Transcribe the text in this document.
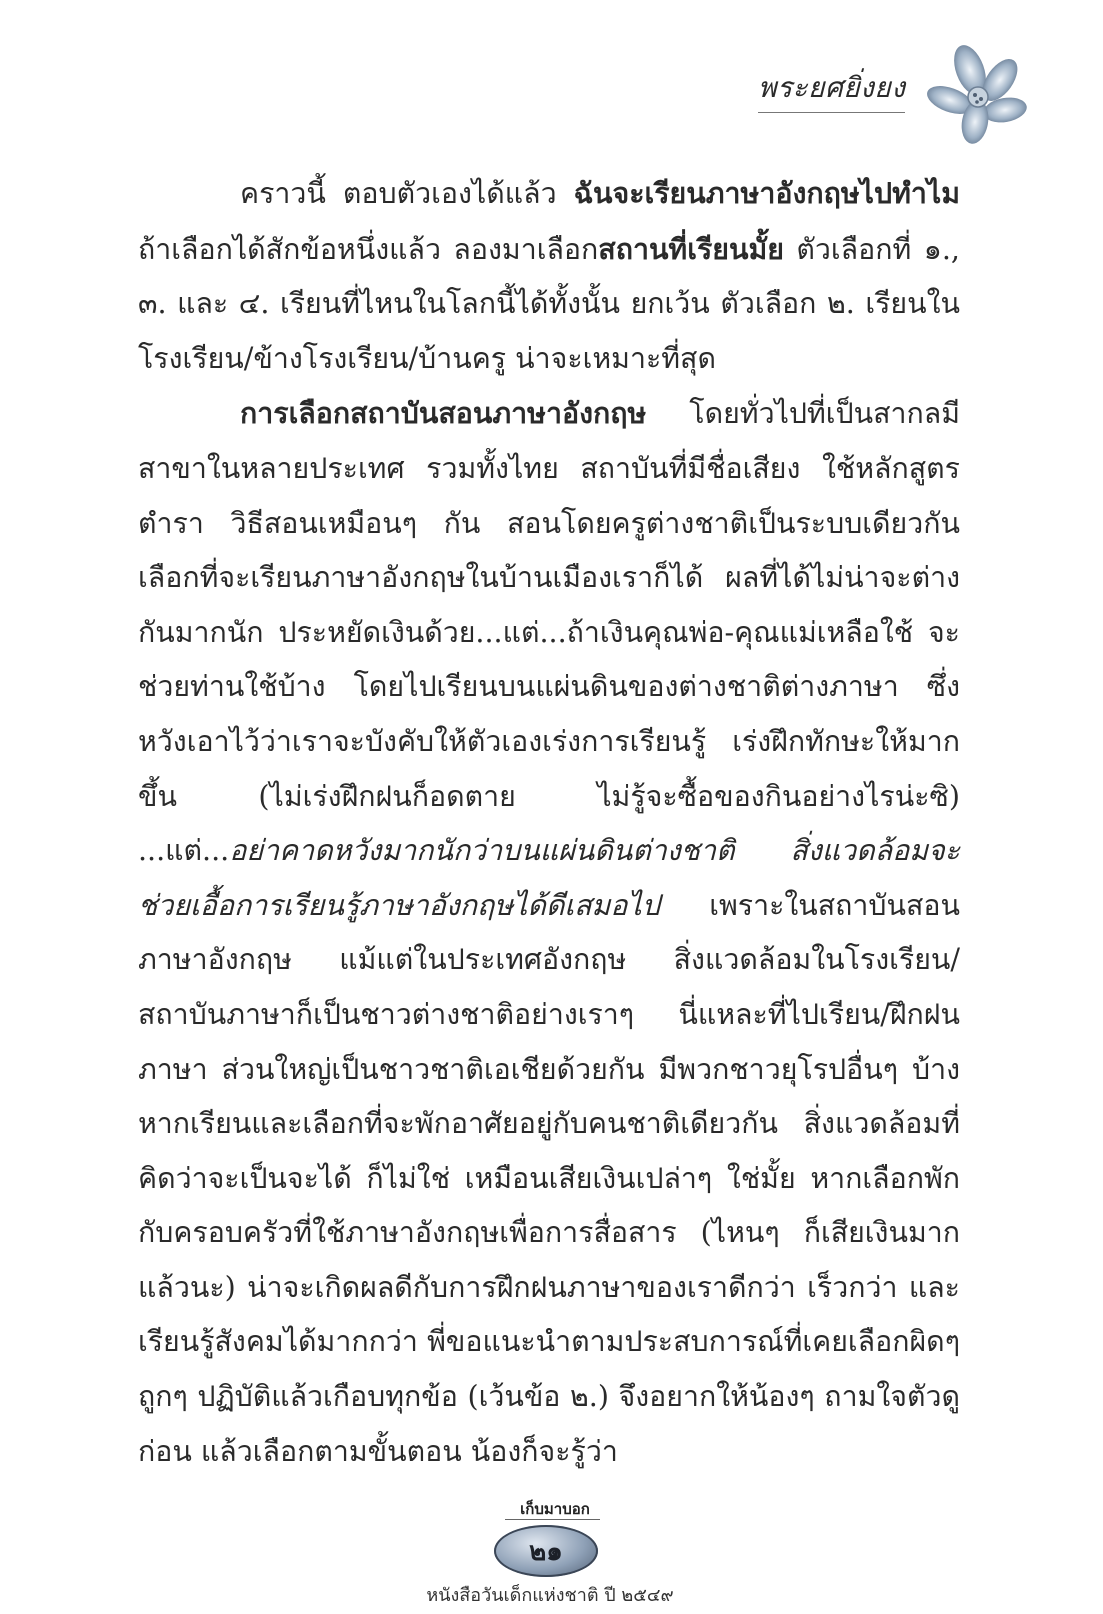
พระยศยิ่งยง

คราวนี้ ตอบตัวเองได้แล้ว ฉันจะเรียนภาษาอังกฤษไปทำไม ถ้าเลือกได้สักข้อหนึ่งแล้ว ลองมาเลือกสถานที่เรียนมั้ย ตัวเลือกที่ ๑., ๓. และ ๔. เรียนที่ไหนในโลกนี้ได้ทั้งนั้น ยกเว้น ตัวเลือก ๒. เรียนในโรงเรียน/ข้างโรงเรียน/บ้านครู น่าจะเหมาะที่สุด

การเลือกสถาบันสอนภาษาอังกฤษ โดยทั่วไปที่เป็นสากลมีสาขาในหลายประเทศ รวมทั้งไทย สถาบันที่มีชื่อเสียง ใช้หลักสูตร ตำรา วิธีสอนเหมือนๆ กัน สอนโดยครูต่างชาติเป็นระบบเดียวกัน เลือกที่จะเรียนภาษาอังกฤษในบ้านเมืองเราก็ได้ ผลที่ได้ไม่น่าจะต่างกันมากนัก ประหยัดเงินด้วย...แต่...ถ้าเงินคุณพ่อ-คุณแม่เหลือใช้ จะช่วยท่านใช้บ้าง โดยไปเรียนบนแผ่นดินของต่างชาติต่างภาษา ซึ่งหวังเอาไว้ว่าเราจะบังคับให้ตัวเองเร่งการเรียนรู้ เร่งฝึกทักษะให้มากขึ้น (ไม่เร่งฝึกฝนก็อดตาย ไม่รู้จะซื้อของกินอย่างไรน่ะซิ) ...แต่...อย่าคาดหวังมากนักว่าบนแผ่นดินต่างชาติ สิ่งแวดล้อมจะช่วยเอื้อการเรียนรู้ภาษาอังกฤษได้ดีเสมอไป เพราะในสถาบันสอนภาษาอังกฤษ แม้แต่ในประเทศอังกฤษ สิ่งแวดล้อมในโรงเรียน/สถาบันภาษาก็เป็นชาวต่างชาติอย่างเราๆ นี่แหละที่ไปเรียน/ฝึกฝนภาษา ส่วนใหญ่เป็นชาวชาติเอเชียด้วยกัน มีพวกชาวยุโรปอื่นๆ บ้าง หากเรียนและเลือกที่จะพักอาศัยอยู่กับคนชาติเดียวกัน สิ่งแวดล้อมที่คิดว่าจะเป็นจะได้ ก็ไม่ใช่ เหมือนเสียเงินเปล่าๆ ใช่มั้ย หากเลือกพักกับครอบครัวที่ใช้ภาษาอังกฤษเพื่อการสื่อสาร (ไหนๆ ก็เสียเงินมากแล้วนะ) น่าจะเกิดผลดีกับการฝึกฝนภาษาของเราดีกว่า เร็วกว่า และเรียนรู้สังคมได้มากกว่า พี่ขอแนะนำตามประสบการณ์ที่เคยเลือกผิดๆ ถูกๆ ปฏิบัติแล้วเกือบทุกข้อ (เว้นข้อ ๒.) จึงอยากให้น้องๆ ถามใจตัวดูก่อน แล้วเลือกตามขั้นตอน น้องก็จะรู้ว่า

เก็บมาบอก
๒๑
หนังสือวันเด็กแห่งชาติ ปี ๒๕๔๙
